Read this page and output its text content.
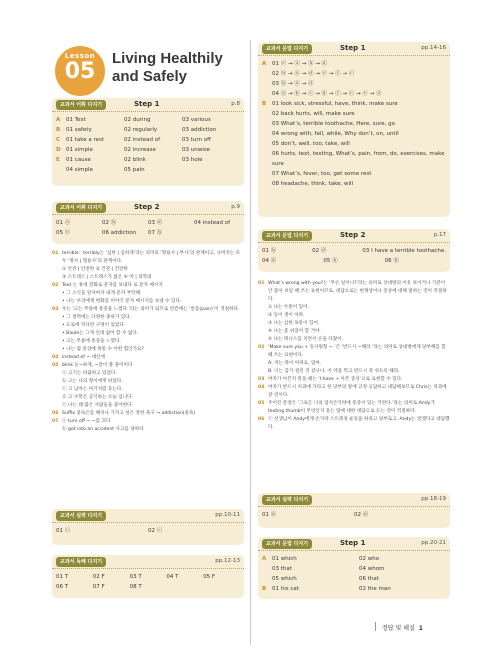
Lesson
05
Living Healthily
and Safely
교과서 어휘 다지기	Step 1	p.8
A	01 Text	02 during	03 various
B	01 safety	02 regularly	03 addiction
C	01 take a rest	02 instead of	03 turn off
D 01 simple	02 increase	03 unwise
E	01 cause	02 blink	03 hole
04 simple	05 pain
교과서 어휘 다지기	Step 2	p.9
01 ⓐ	02 ⓑ	03 ⓓ	04 instead of
05 ⓔ	06 addiction	07 ⓑ
01 terrible：terribly는 ‘심한 | 심하게’라는 의미의 ‘형용사 | 부사’의 관계이고, 나머지는 모두 ‘명사 | 형용사’의 관계이다.
① 안전 | 안전한 ② 건강 | 건강한
③ 스트레스 | 스트레스가 많은 ④ 약 | 의학의
02 Text 는 휴대 전화로 문자를 보내다 로 문자 메시지
• 그 소식을 알자마자 내게 문자 부탁해.
• 나는 우리에게 변화를 이야기 문자 메시지를 보낼 수 있다.
03 우는 ‘고는 무릎에 통증을 느꼈다.’라는 의미가 되므로 빈칸에는 ‘통증(pain)’이 적절하다.
• 그 절벽에는 다양한 종류가 있다.
• 도로에 커다란 구멍이 있었다.
• Baule는 그게 인대 없어 할 수 없다.
• 고는 무릎에 통증을 느꼈다.
• 나는 집 증상에 목통 수 어떤 힘인가요?
04 instead of ~ 대신에
05 blink 눈~하게, ~같이 볼 종이이다
ⓐ 고기는 바꿈하고 있었다.
ⓑ 고는 나의 형이에게 뉘었다.
ⓒ 고 남자는 아기처럼 웃는다.
ⓓ 고 수학은 공익하는 오늘 입니다.
ⓔ 나는 꽤 많은 사람들을 좋아한다.
06 Suffix 중독은를 해치나 가지고 싶은 강한 욕구 → addiction(중독)
07 ⓐ turn off ~ ~를 끄다
ⓑ got into an accident 사고를 당하다
교과서 실력 다지기	pp.10-11
01 ⓒ	02 ⓒ
교과서 독해 다지기	pp.12-13
01 T	02 F	03 T	04 T	05 F
06 T	07 F	08 T
교과서 문법 다지기	Step 1	pp.14-16
A	01 ⓔ → ⓐ → ⓑ → ⓓ
02 ⓗ → ⓐ → ⓓ → ⓔ → ⓕ → ⓒ
03 ⓑ → ⓐ → ⓓ
04 ⓐ → ⓑ → ⓒ → ⓓ → ⓕ → ⓒ → ⓔ → ⓐ
B	01 look sick, stressful, have, think, make sure
02 back hurts, will, make sure
03 What’s, terrible toothache, Here, sure, go
04 wrong with, fell, while, Why don’t, on, until
05 don’t, well, too, take, will
06 hurts, text, texting, What’s, pain, from, do, exercises, make sure
07 What’s, fever, too, get some rest
08 headache, think, take, will
교과서 문법 다지기	Step 2	p.17
01 ⓑ	02 ⓓ	03 I have a terrible toothache.
04 ⓓ	05 ⓑ	06 ⓑ
01 What’s wrong with you?는 ‘무슨 일이니?’라는 의미로 상대방의 이유 보이거나 기분이 안 좋아 보일 때 쓰는 표현이므로, 대답으로는 현재상이나 증상에 대해 말하는 것이 적절하다.
① 나는 두통이 있어.
② 등이 생이 아파.
③ 나는 심한 독통이 있어.
④ 나는 좀 쉬었어 할 거야.
⑤ 나는 테니스를 치면서 손을 다쳤어.
02 ‘Make sure you + 동사원형 ~.’은 ‘반드시 ~해라.’라는 의미로 상대방에게 당부해를 할 때 쓰는 표현이다.
A: 저는 목이 아파요, 엄마.
B: 너는 감기 걸린 것 같구나. 이 약을 먹고 반드시 푹 쉬도록 해라.
03 여자가 아픈지 알을 때는 ‘I have + 아픈 증상’으로 표현할 수 있다.
04 여자가 반드시 치과에 가라고 한 당부의 말에 긍정 응답하고 대답해보므로 Chris는 치과에 갈 것이다.
05 주어진 문장은 ‘그로든 너의 엄지손가락에 통증이 있는 거란다.’라는 의미로 Andy가 texting thumb이 무엇인지 묻는 말에 대한 대답으로 ⓑ는 것이 적절하다.
06 ⓒ 선생님이 Andy에게 손가락 스트레칭 운동을 하라고 당부로고, Andy는 알겠다고 대답했다.
교과서 실력 다지기	pp.18-19
01 ⓓ	02 ⓓ
교과서 문법 다지기	Step 1	pp.20-21
A	01 which	02 who
03 that	04 whom
05 which	06 that
B	01 his cat	02 the man
정답 및 해설 1
